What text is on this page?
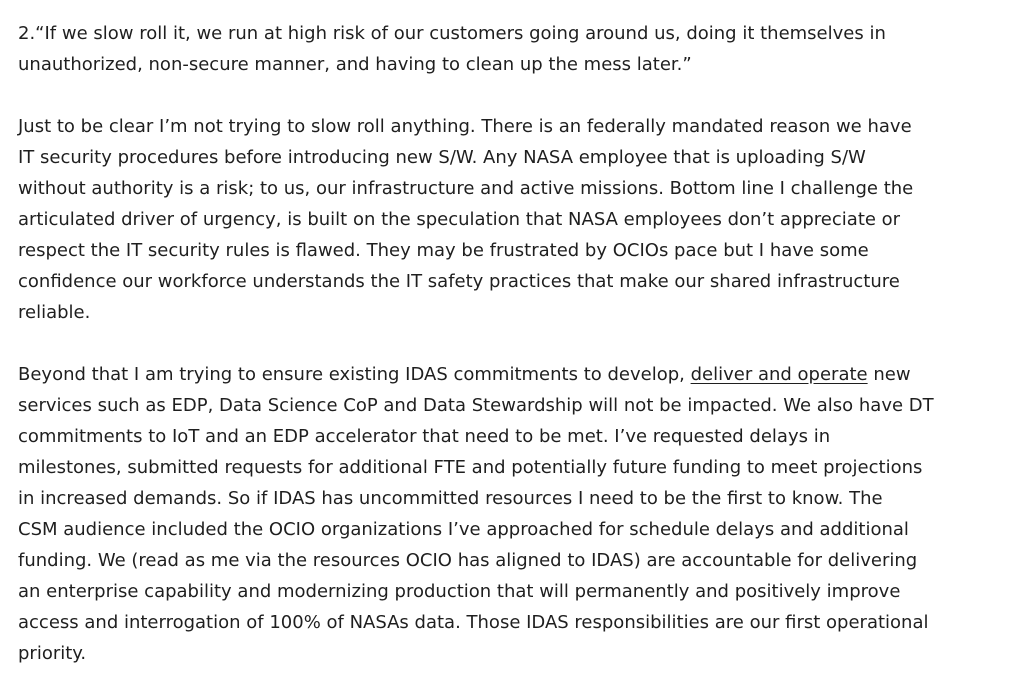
2.“If we slow roll it, we run at high risk of our customers going around us, doing it themselves in
unauthorized, non-secure manner, and having to clean up the mess later.”
Just to be clear I’m not trying to slow roll anything. There is an federally mandated reason we have
IT security procedures before introducing new S/W. Any NASA employee that is uploading S/W
without authority is a risk; to us, our infrastructure and active missions. Bottom line I challenge the
articulated driver of urgency, is built on the speculation that NASA employees don’t appreciate or
respect the IT security rules is flawed. They may be frustrated by OCIOs pace but I have some
confidence our workforce understands the IT safety practices that make our shared infrastructure
reliable.
Beyond that I am trying to ensure existing IDAS commitments to develop, deliver and operate new
services such as EDP, Data Science CoP and Data Stewardship will not be impacted. We also have DT
commitments to IoT and an EDP accelerator that need to be met. I’ve requested delays in
milestones, submitted requests for additional FTE and potentially future funding to meet projections
in increased demands. So if IDAS has uncommitted resources I need to be the first to know. The
CSM audience included the OCIO organizations I’ve approached for schedule delays and additional
funding. We (read as me via the resources OCIO has aligned to IDAS) are accountable for delivering
an enterprise capability and modernizing production that will permanently and positively improve
access and interrogation of 100% of NASAs data. Those IDAS responsibilities are our first operational
priority.
